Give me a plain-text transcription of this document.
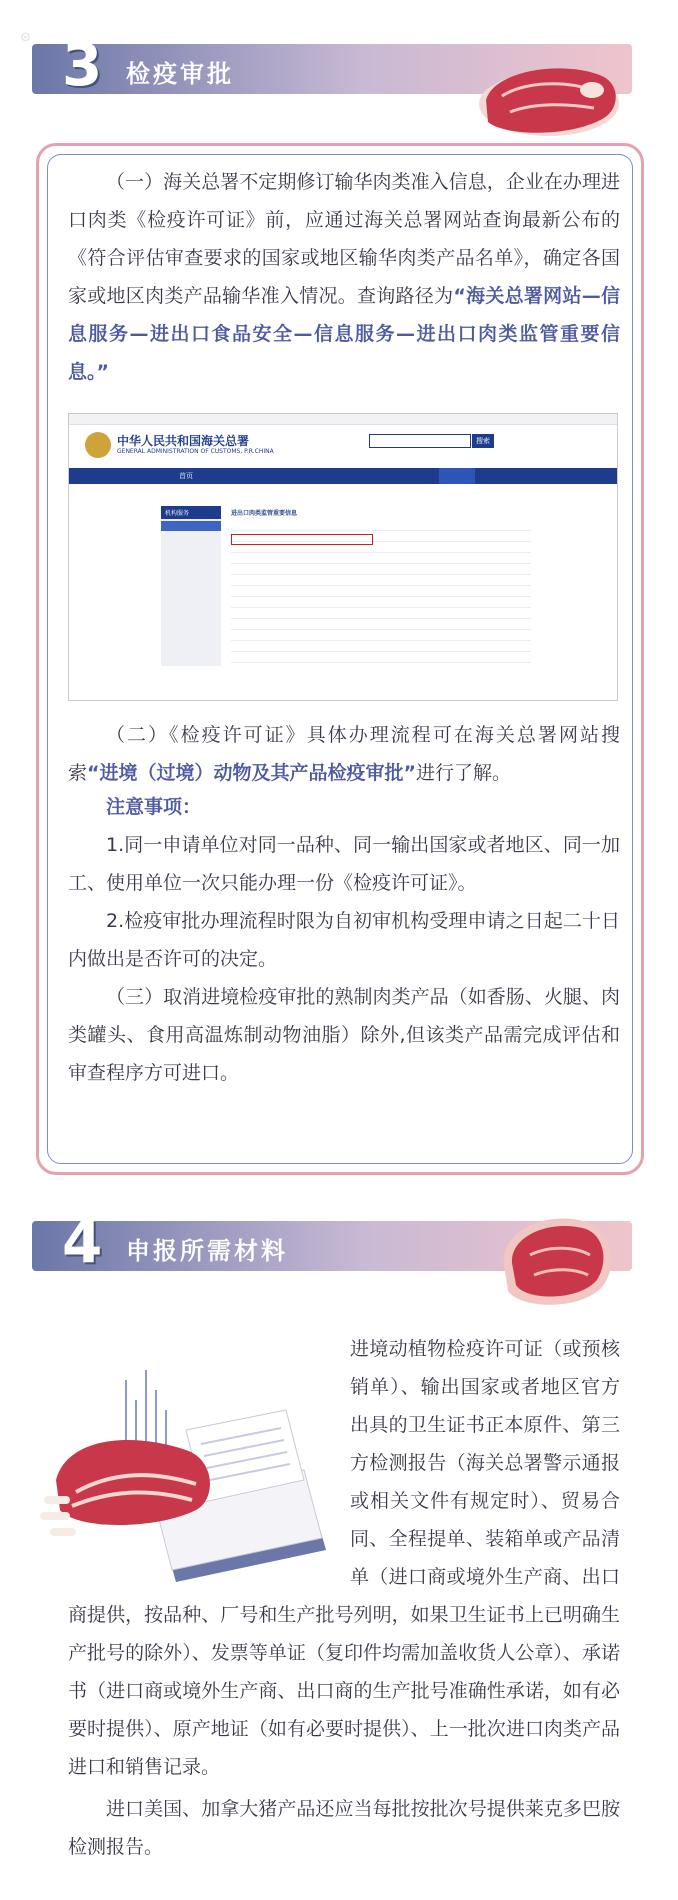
⊙ 3 检疫审批
（一）海关总署不定期修订输华肉类准入信息，企业在办理进口肉类《检疫许可证》前，应通过海关总署网站查询最新公布的《符合评估审查要求的国家或地区输华肉类产品名单》，确定各国家或地区肉类产品输华准入情况。查询路径为“海关总署网站—信息服务—进出口食品安全—信息服务—进出口肉类监管重要信息。”
中华人民共和国海关总署
GENERAL ADMINISTRATION OF CUSTOMS, P.R.CHINA
搜索
首页
机构服务	进出口肉类监管重要信息
（二）《检疫许可证》具体办理流程可在海关总署网站搜索“进境（过境）动物及其产品检疫审批”进行了解。
注意事项：
1.同一申请单位对同一品种、同一输出国家或者地区、同一加工、使用单位一次只能办理一份《检疫许可证》。
2.检疫审批办理流程时限为自初审机构受理申请之日起二十日内做出是否许可的决定。
（三）取消进境检疫审批的熟制肉类产品（如香肠、火腿、肉类罐头、食用高温炼制动物油脂）除外,但该类产品需完成评估和审查程序方可进口。
4 申报所需材料
进境动植物检疫许可证（或预核销单）、输出国家或者地区官方出具的卫生证书正本原件、第三方检测报告（海关总署警示通报或相关文件有规定时）、贸易合同、全程提单、装箱单或产品清单（进口商或境外生产商、出口商提供，按品种、厂号和生产批号列明，如果卫生证书上已明确生产批号的除外）、发票等单证（复印件均需加盖收货人公章）、承诺书（进口商或境外生产商、出口商的生产批号准确性承诺，如有必要时提供）、原产地证（如有必要时提供）、上一批次进口肉类产品进口和销售记录。
进口美国、加拿大猪产品还应当每批按批次号提供莱克多巴胺检测报告。
